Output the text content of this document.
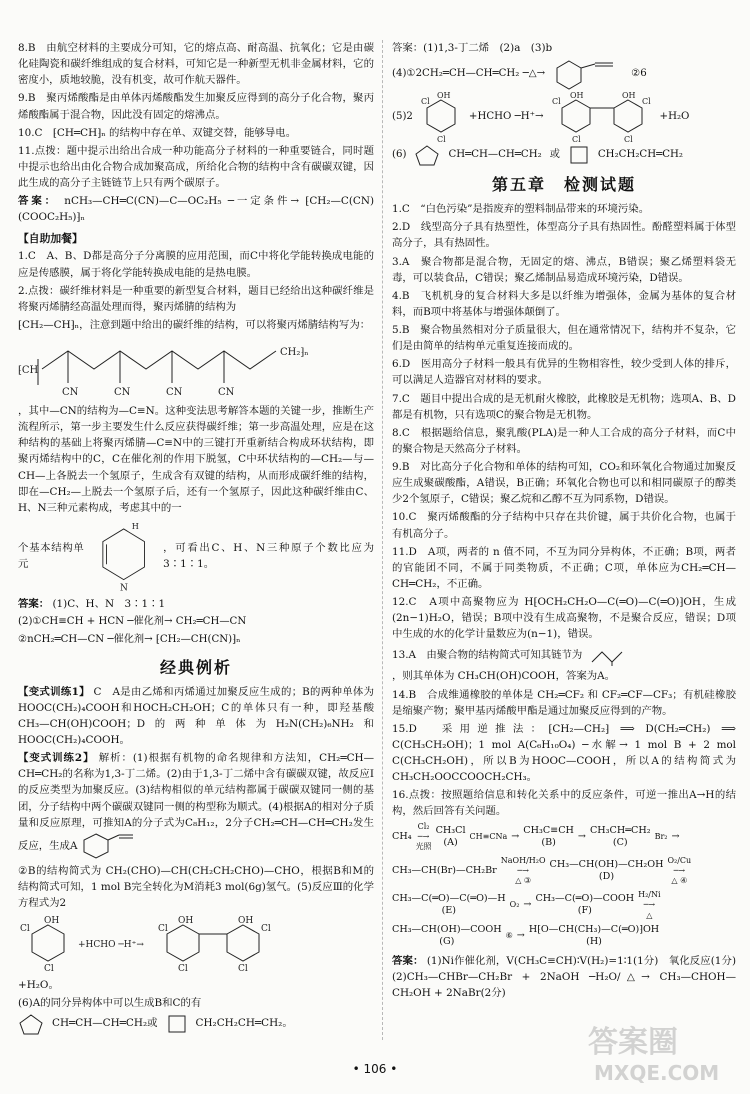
8.B　由航空材料的主要成分可知，它的熔点高、耐高温、抗氧化；它是由碳化硅陶瓷和碳纤维组成的复合材料，可知它是一种新型无机非金属材料，它的密度小，质地较脆，没有机变，故可作航天器件。

9.B　聚丙烯酸酯是由单体丙烯酸酯发生加聚反应得到的高分子化合物，聚丙烯酸酯属于混合物，因此没有固定的熔沸点。

10.C　⁅CH═CH⁆ₙ 的结构中存在单、双键交替，能够导电。

11.点拨：题中提示出给出合成一种功能高分子材料的一种重要链合，同时题中提示也给出由化合物合成加聚高成，所给化合物的结构中含有碳碳双键，因此生成的高分子主链链节上只有两个碳原子。

答案： nCH₃—CH═C(CN)—C—OC₂H₅ ─一定条件→ ⁅CH₂—C(CN)(COOC₂H₅)⁆ₙ

【自助加餐】

1.C　A、B、D都是高分子分离膜的应用范围，而C中将化学能转换成电能的应是传感膜，属于将化学能转换成电能的是热电膜。

2.点拨：碳纤维材料是一种重要的新型复合材料，题目已经给出这种碳纤维是将聚丙烯腈经高温处理而得，聚丙烯腈的结构为

⁅CH₂—CH⁆ₙ，注意到题中给出的碳纤维的结构，可以将聚丙烯腈结构写为：

⁅CH
CN	CN	CN	CN
CH₂⁆ₙ

，其中—CN的结构为—C≡N。这种变法思考解答本题的关键一步，推断生产流程所示，第一步主要发生什么反应获得碳纤维；第一步高温处理，应是在这种结构的基础上将聚丙烯腈—C≡N中的三键打开重新结合构成环状结构，即聚丙烯结构中的C，C在催化剂的作用下脱氢，C中环状结构的—CH₂—与—CH—上各脱去一个氢原子，生成含有双键的结构，从而形成碳纤维的结构，即在—CH₂—上脱去一个氢原子后，还有一个氢原子，因此这种碳纤维由C、H、N三种元素构成，考虑其中的一

个基本结构单元
N
H
，可看出C、H、N三种原子个数比应为3∶1∶1。

答案： (1)C、H、N　3∶1∶1

(2)①CH≡CH + HCN ─催化剂→ CH₂═CH—CN

②nCH₂═CH—CN ─催化剂→ ⁅CH₂—CH(CN)⁆ₙ

经典例析

【变式训练1】 C　A是由乙烯和丙烯通过加聚反应生成的；B的两种单体为HOOC(CH₂)₄COOH和HOCH₂CH₂OH；C的单体只有一种，即羟基酸 CH₃—CH(OH)COOH；D的两种单体为H₂N(CH₂)₆NH₂和HOOC(CH₂)₄COOH。

【变式训练2】 解析：(1)根据有机物的命名规律和方法知，CH₂═CH—CH═CH₂的名称为1,3-丁二烯。(2)由于1,3-丁二烯中含有碳碳双键，故反应Ⅰ的反应类型为加聚反应。(3)结构相似的单元结构都属于碳碳双键同一侧的基团，分子结构中两个碳碳双键同一侧的构型称为顺式。(4)根据A的相对分子质量和反应原理，可推知A的分子式为C₈H₁₂，2分子CH₂═CH—CH═CH₂发生反应，生成A

②B的结构简式为 CH₂(CHO)—CH(CH₂CH₂CHO)—CHO，根据B和M的结构简式可知，1 mol B完全转化为M消耗3 mol(6g)氢气。(5)反应Ⅲ的化学方程式为2

Cl
OH
Cl
+HCHO ─H⁺→
Cl
OH	OH
Cl
Cl	Cl

+H₂O。

(6)A的同分异构体中可以生成B和C的有

CH═CH—CH═CH₂或	CH₂CH₂CH═CH₂。

答案：(1)1,3-丁二烯　(2)a　(3)b

(4)①2CH₂═CH—CH═CH₂ ─△→	②6
(5)2
Cl
OH
Cl
+HCHO ─H⁺→
Cl
OH	OH
Cl
Cl	Cl
+H₂O
(6)	CH═CH—CH═CH₂ 或	CH₂CH₂CH═CH₂
第五章　检测试题

1.C　“白色污染”是指废弃的塑料制品带来的环境污染。

2.D　线型高分子具有热塑性，体型高分子具有热固性。酚醛塑料属于体型高分子，具有热固性。

3.A　聚合物都是混合物，无固定的熔、沸点，B错误；聚乙烯塑料袋无毒，可以装食品，C错误；聚乙烯制品易造成环境污染，D错误。

4.B　飞机机身的复合材料大多是以纤维为增强体，金属为基体的复合材料，而B项中将基体与增强体颠倒了。

5.B　聚合物虽然相对分子质量很大，但在通常情况下，结构并不复杂，它们是由简单的结构单元重复连接而成的。

6.D　医用高分子材料一般具有优异的生物相容性，较少受到人体的排斥，可以满足人造器官对材料的要求。

7.C　题目中提出合成的是无机耐火橡胶，此橡胶是无机物；选项A、B、D都是有机物，只有选项C的聚合物是无机物。

8.C　根据题给信息，聚乳酸(PLA)是一种人工合成的高分子材料，而C中的聚合物是天然高分子材料。

9.B　对比高分子化合物和单体的结构可知，CO₂和环氧化合物通过加聚反应生成聚碳酸酯，A错误，B正确；环氧化合物也可以和相同碳原子的醇类少2个氢原子，C错误；聚乙烷和乙醇不互为同系物，D错误。

10.C　聚丙烯酸酯的分子结构中只存在共价键，属于共价化合物，也属于有机高分子。

11.D　A项，两者的 n 值不同，不互为同分异构体，不正确；B项，两者的官能团不同，不属于同类物质，不正确；C项，单体应为CH₂═CH—CH═CH₂，不正确。

12.C　A项中高聚物应为 H⁅OCH₂CH₂O—C(═O)—C(═O)⁆OH，生成(2n−1)H₂O，错误；B项中没有生成高聚物，不是聚合反应，错误；D项中生成的水的化学计量数应为(n−1)，错误。

13.A　由聚合物的结构简式可知其链节为

，则其单体为 CH₃CH(OH)COOH，答案为A。

14.B　合成维通橡胶的单体是 CH₂═CF₂ 和 CF₂═CF—CF₃；有机硅橡胶是缩聚产物；聚甲基丙烯酸甲酯是通过加聚反应得到的产物。

15.D　采用逆推法：⁅CH₂—CH₂⁆ ⟹ D(CH₂═CH₂) ⟹ C(CH₃CH₂OH)；1 mol A(C₆H₁₀O₄) ─水解→ 1 mol B + 2 mol C(CH₃CH₂OH)，所以B为HOOC—COOH，所以A的结构简式为CH₃CH₂OOCCOOCH₂CH₃。

16.点拨：按照题给信息和转化关系中的反应条件，可逆一推出A→H的结构，然后回答有关问题。

CH₄
Cl₂
─→
光照
CH₃Cl
(A)
CH≡CNa →
CH₃C≡CH
(B)
→
CH₃CH═CH₂
(C)
Br₂ →
CH₃—CH(Br)—CH₂Br
NaOH/H₂O
─→
△ ③
CH₃—CH(OH)—CH₂OH
(D)
O₂/Cu
─→
△ ④
CH₃—C(═O)—C(═O)—H
(E)
O₂ →
CH₃—C(═O)—COOH
(F)
H₂/Ni
─→
△
CH₃—CH(OH)—COOH
(G)
⑥ →
H⁅O—CH(CH₃)—C(═O)⁆OH
(H)

答案： (1)Ni作催化剂，V(CH₃C≡CH)∶V(H₂)=1∶1(1分)　氧化反应(1分)　(2)CH₃—CHBr—CH₂Br + 2NaOH ─H₂O/△→ CH₃—CHOH—CH₂OH + 2NaBr(2分)

• 106 •
答案圈
MXQE.COM
